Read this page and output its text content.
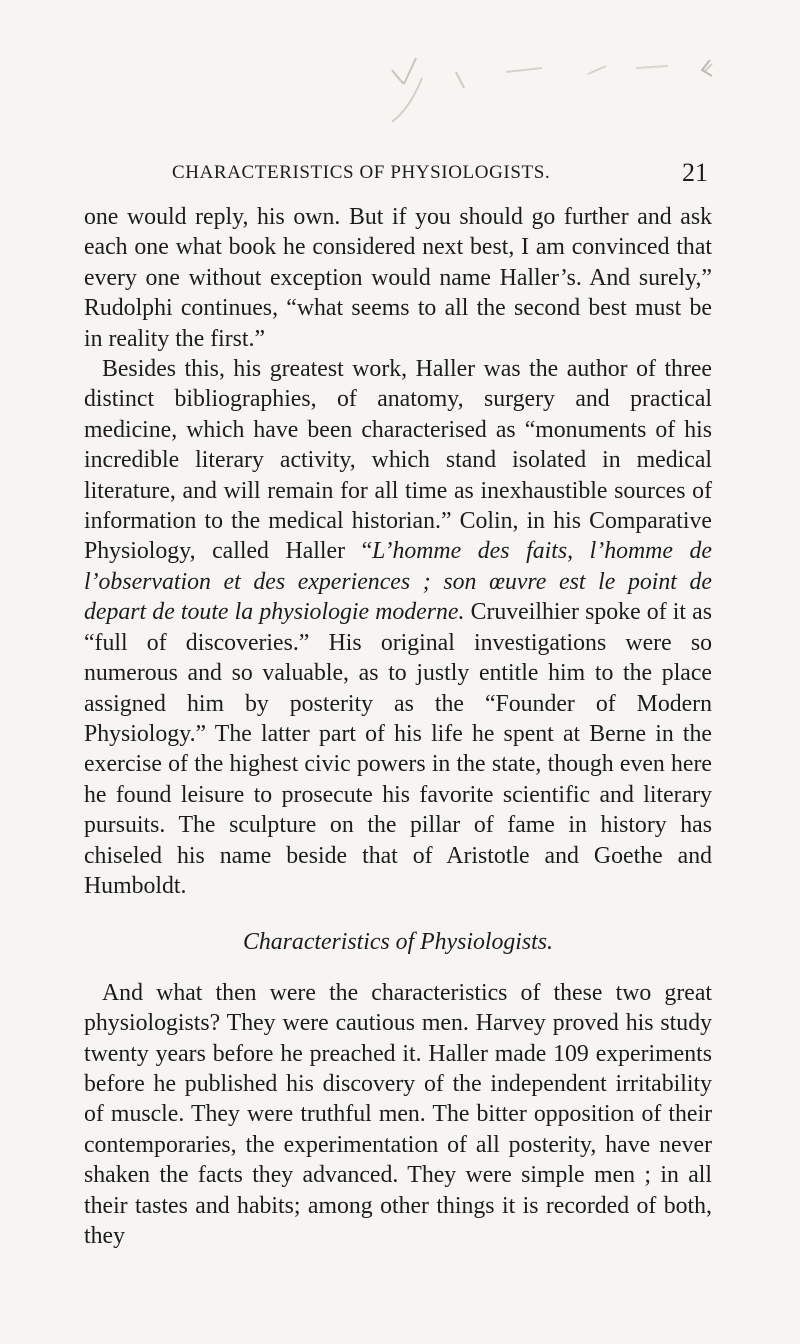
CHARACTERISTICS OF PHYSIOLOGISTS.	21

one would reply, his own. But if you should go further and ask each one what book he considered next best, I am convinced that every one without exception would name Haller’s. And surely,” Rudolphi continues, “what seems to all the second best must be in reality the first.”

Besides this, his greatest work, Haller was the author of three distinct bibliographies, of anatomy, surgery and practical medicine, which have been characterised as “monuments of his incredible literary activity, which stand isolated in medical literature, and will remain for all time as inexhaustible sources of information to the medical historian.” Colin, in his Comparative Physiology, called Haller “L’homme des faits, l’homme de l’observation et des experiences ; son œuvre est le point de depart de toute la physiologie moderne. Cruveilhier spoke of it as “full of discoveries.” His original investigations were so numerous and so valuable, as to justly entitle him to the place assigned him by posterity as the “Founder of Modern Physiology.” The latter part of his life he spent at Berne in the exercise of the highest civic powers in the state, though even here he found leisure to prosecute his favorite scientific and literary pursuits. The sculpture on the pillar of fame in history has chiseled his name beside that of Aristotle and Goethe and Humboldt.

Characteristics of Physiologists.

And what then were the characteristics of these two great physiologists? They were cautious men. Harvey proved his study twenty years before he preached it. Haller made 109 experiments before he published his discovery of the independent irritability of muscle. They were truthful men. The bitter opposition of their contemporaries, the experimentation of all posterity, have never shaken the facts they advanced. They were simple men ; in all their tastes and habits; among other things it is recorded of both, they
